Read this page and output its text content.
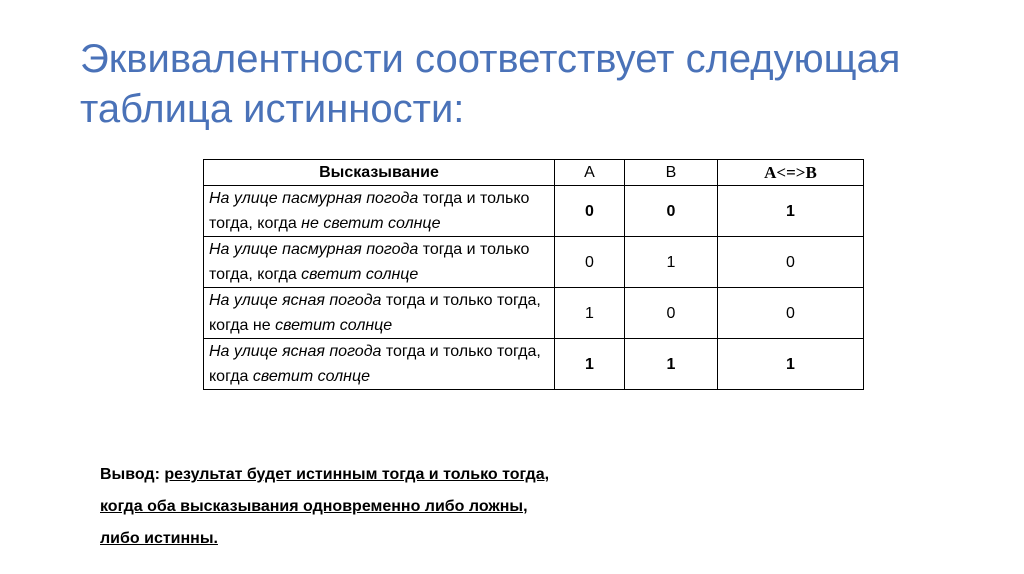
Эквивалентности соответствует следующая таблица истинности:
Высказывание	A	B	A<=>B
На улице пасмурная погода тогда и только тогда, когда не светит солнце	0	0	1
На улице пасмурная погода тогда и только тогда, когда светит солнце	0	1	0
На улице ясная погода тогда и только тогда, когда не светит солнце	1	0	0
На улице ясная погода тогда и только тогда, когда светит солнце	1	1	1
Вывод: результат будет истинным тогда и только тогда,
когда оба высказывания одновременно либо ложны,
либо истинны.
